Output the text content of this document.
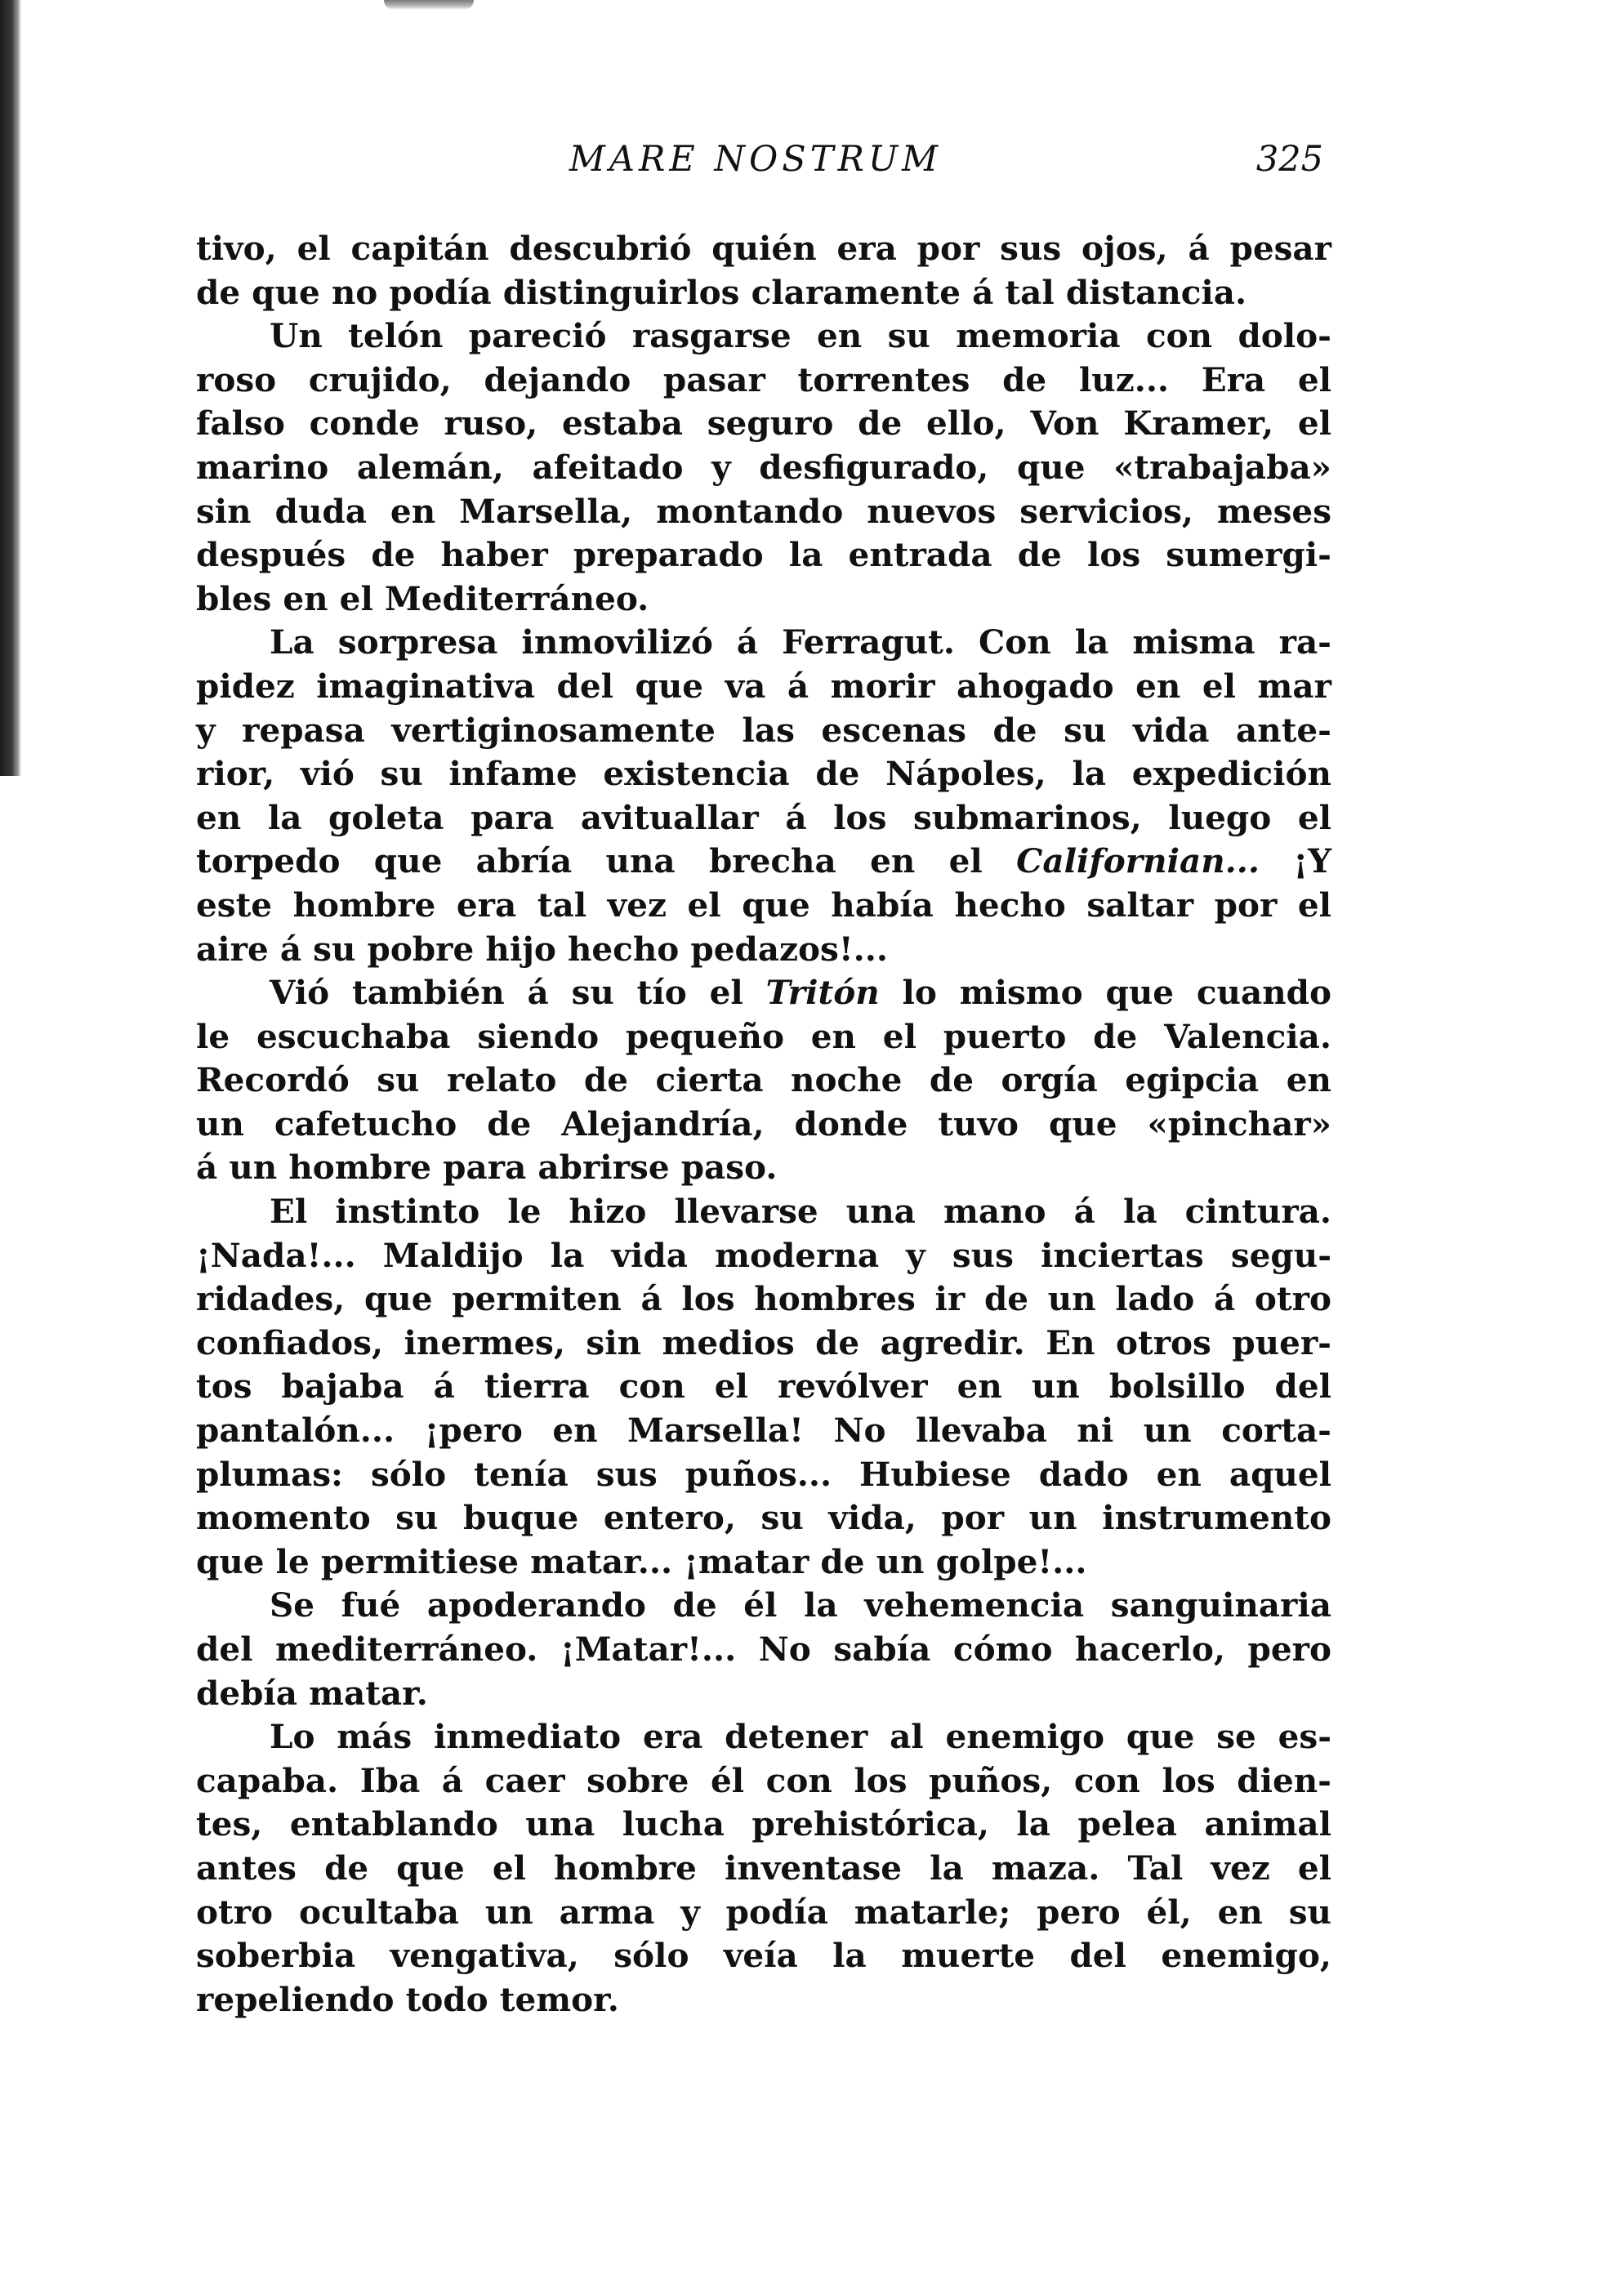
MARE NOSTRUM	325
tivo, el capitán descubrió quién era por sus ojos, á pesar
de que no podía distinguirlos claramente á tal distancia.
Un telón pareció rasgarse en su memoria con dolo-
roso crujido, dejando pasar torrentes de luz... Era el
falso conde ruso, estaba seguro de ello, Von Kramer, el
marino alemán, afeitado y desfigurado, que «trabajaba»
sin duda en Marsella, montando nuevos servicios, meses
después de haber preparado la entrada de los sumergi-
bles en el Mediterráneo.
La sorpresa inmovilizó á Ferragut. Con la misma ra-
pidez imaginativa del que va á morir ahogado en el mar
y repasa vertiginosamente las escenas de su vida ante-
rior, vió su infame existencia de Nápoles, la expedición
en la goleta para avituallar á los submarinos, luego el
torpedo que abría una brecha en el Californian... ¡Y
este hombre era tal vez el que había hecho saltar por el
aire á su pobre hijo hecho pedazos!...
Vió también á su tío el Tritón lo mismo que cuando
le escuchaba siendo pequeño en el puerto de Valencia.
Recordó su relato de cierta noche de orgía egipcia en
un cafetucho de Alejandría, donde tuvo que «pinchar»
á un hombre para abrirse paso.
El instinto le hizo llevarse una mano á la cintura.
¡Nada!... Maldijo la vida moderna y sus inciertas segu-
ridades, que permiten á los hombres ir de un lado á otro
confiados, inermes, sin medios de agredir. En otros puer-
tos bajaba á tierra con el revólver en un bolsillo del
pantalón... ¡pero en Marsella! No llevaba ni un corta-
plumas: sólo tenía sus puños... Hubiese dado en aquel
momento su buque entero, su vida, por un instrumento
que le permitiese matar... ¡matar de un golpe!...
Se fué apoderando de él la vehemencia sanguinaria
del mediterráneo. ¡Matar!... No sabía cómo hacerlo, pero
debía matar.
Lo más inmediato era detener al enemigo que se es-
capaba. Iba á caer sobre él con los puños, con los dien-
tes, entablando una lucha prehistórica, la pelea animal
antes de que el hombre inventase la maza. Tal vez el
otro ocultaba un arma y podía matarle; pero él, en su
soberbia vengativa, sólo veía la muerte del enemigo,
repeliendo todo temor.
